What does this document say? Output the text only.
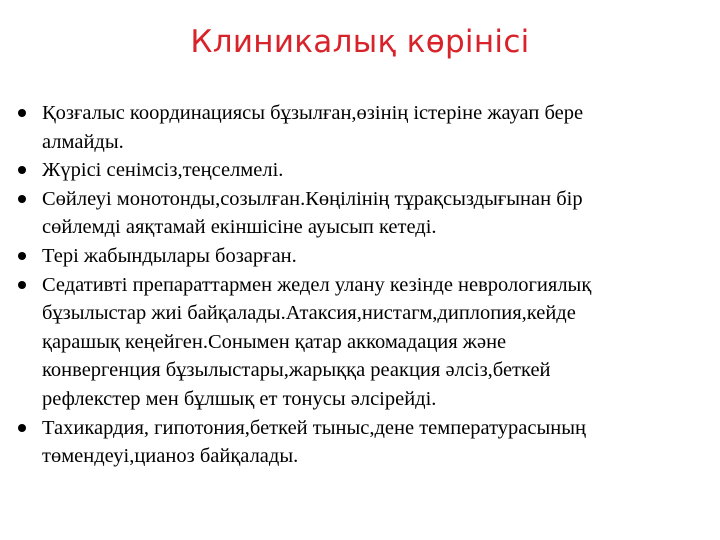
Клиникалық көрінісі
Қозғалыс координациясы бұзылған,өзінің істеріне жауап бере
алмайды.
Жүрісі сенімсіз,теңселмелі.
Сөйлеуі монотонды,созылған.Көңілінің тұрақсыздығынан бір
сөйлемді аяқтамай екіншісіне ауысып кетеді.
Тері жабындылары бозарған.
Седативті препараттармен жедел улану кезінде неврологиялық
бұзылыстар жиі байқалады.Атаксия,нистагм,диплопия,кейде
қарашық кеңейген.Сонымен қатар аккомадация және
конвергенция бұзылыстары,жарыққа реакция әлсіз,беткей
рефлекстер мен бұлшық ет тонусы әлсірейді.
Тахикардия, гипотония,беткей тыныс,дене температурасының
төмендеуі,цианоз байқалады.
